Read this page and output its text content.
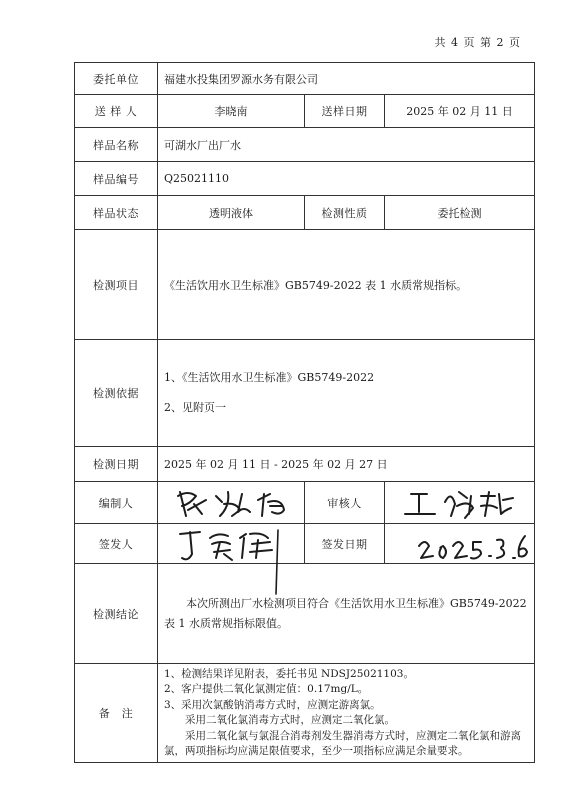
共 4 页 第 2 页
委托单位	福建水投集团罗源水务有限公司		
送 样 人	李晓南	送样日期	2025 年 02 月 11 日
样品名称	可湖水厂出厂水		
样品编号	Q25021110		
样品状态	透明液体	检测性质	委托检测
检测项目	《生活饮用水卫生标准》GB5749-2022 表 1 水质常规指标。		
检测依据	1、《生活饮用水卫生标准》GB5749-2022

2、见附页一		

检测日期	2025 年 02 月 11 日 - 2025 年 02 月 27 日		
编制人		审核人	

签发人		签发日期	

检测结论	本次所测出厂水检测项目符合《生活饮用水卫生标准》GB5749-2022 表 1 水质常规指标限值。		
备　注	1、检测结果详见附表，委托书见 NDSJ25021103。

2、客户提供二氧化氯测定值：0.17mg/L。

3、采用次氯酸钠消毒方式时，应测定游离氯。

采用二氧化氯消毒方式时，应测定二氧化氯。

采用二氧化氯与氯混合消毒剂发生器消毒方式时，应测定二氧化氯和游离氯，两项指标均应满足限值要求，至少一项指标应满足余量要求。		
